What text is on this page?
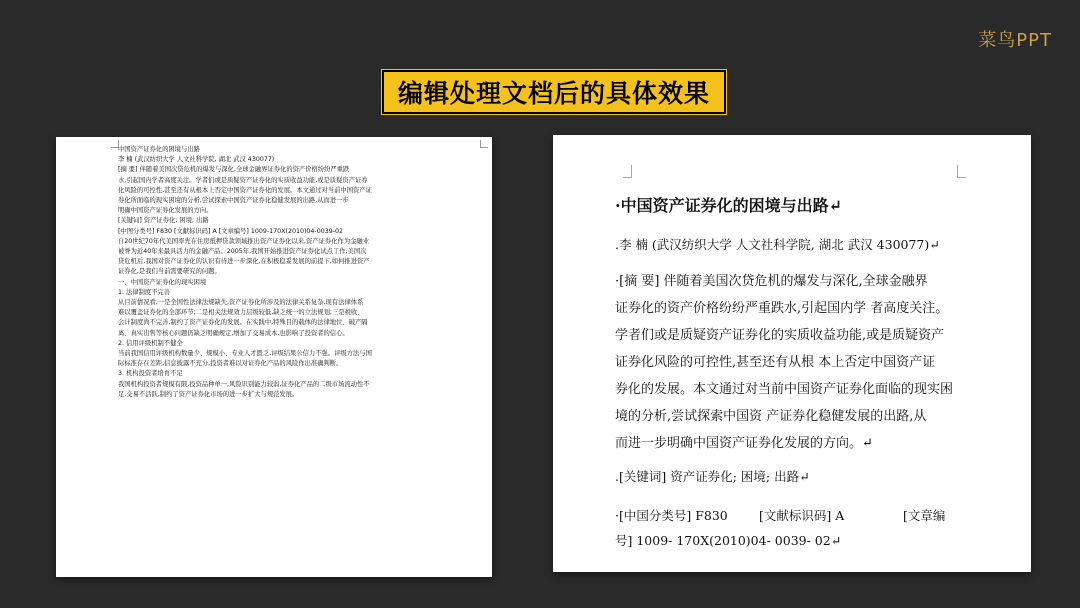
菜鸟PPT
编辑处理文档后的具体效果
中国资产证券化的困境与出路
李 楠 (武汉纺织大学 人文社科学院, 湖北 武汉 430077)
[摘 要] 伴随着美国次贷危机的爆发与深化,全球金融界证券化的资产价格纷纷严重跌
水,引起国内学者高度关注。学者们或是质疑资产证券化的实质收益功能,或是质疑资产证券
化风险的可控性,甚至还有从根本上否定中国资产证券化的发展。本文通过对当前中国资产证
券化所面临的现实困境的分析,尝试探索中国资产证券化稳健发展的出路,从而进一步
明确中国资产证券化发展的方向。
[关键词] 资产证券化; 困境; 出路
[中图分类号] F830 [文献标识码] A [文章编号] 1009-170X(2010)04-0039-02
自20世纪70年代美国率先在住房抵押贷款领域推出资产证券化以来,资产证券化作为金融业
被誉为近40年来最具活力的金融产品。2005年,我国开始推进资产证券化试点工作,美国次
贷危机后,我国对资产证券化的认识有待进一步深化,在积极稳妥发展的前提下,如何推进资产
证券化,是我们当前需要研究的问题。
一、中国资产证券化的现实困境
1. 法律制度不完善
从目前情况看,一是全国性法律法规缺失,资产证券化所涉及的法律关系复杂,现有法律体系
难以覆盖证券化的全部环节;二是相关法规效力层级较低,缺乏统一的立法规划;三是税收、
会计制度尚不完善,制约了资产证券化的发展。在实践中,特殊目的载体的法律地位、破产隔
离、真实出售等核心问题仍缺乏明确规定,增加了交易成本,也影响了投资者的信心。
2. 信用评级机制不健全
当前我国信用评级机构数量少、规模小、专业人才匮乏,评级结果公信力不强。评级方法与国
际标准存在差距,信息披露不充分,投资者难以对证券化产品的风险作出准确判断。
3. 机构投资者培育不足
我国机构投资者规模有限,投资品种单一,风险识别能力较弱,证券化产品的二级市场流动性不
足,交易不活跃,制约了资产证券化市场的进一步扩大与规范发展。
·中国资产证券化的困境与出路↵
.李 楠 (武汉纺织大学 人文社科学院, 湖北 武汉 430077)↵
·[摘 要] 伴随着美国次贷危机的爆发与深化,全球金融界
证券化的资产价格纷纷严重跌水,引起国内学 者高度关注。
学者们或是质疑资产证券化的实质收益功能,或是质疑资产
证券化风险的可控性,甚至还有从根 本上否定中国资产证
券化的发展。本文通过对当前中国资产证券化面临的现实困
境的分析,尝试探索中国资 产证券化稳健发展的出路,从
而进一步明确中国资产证券化发展的方向。↵
.[关键词] 资产证券化; 困境; 出路↵
·[中国分类号] F830	[文献标识码] A	[文章编
号] 1009- 170X(2010)04- 0039- 02↵
